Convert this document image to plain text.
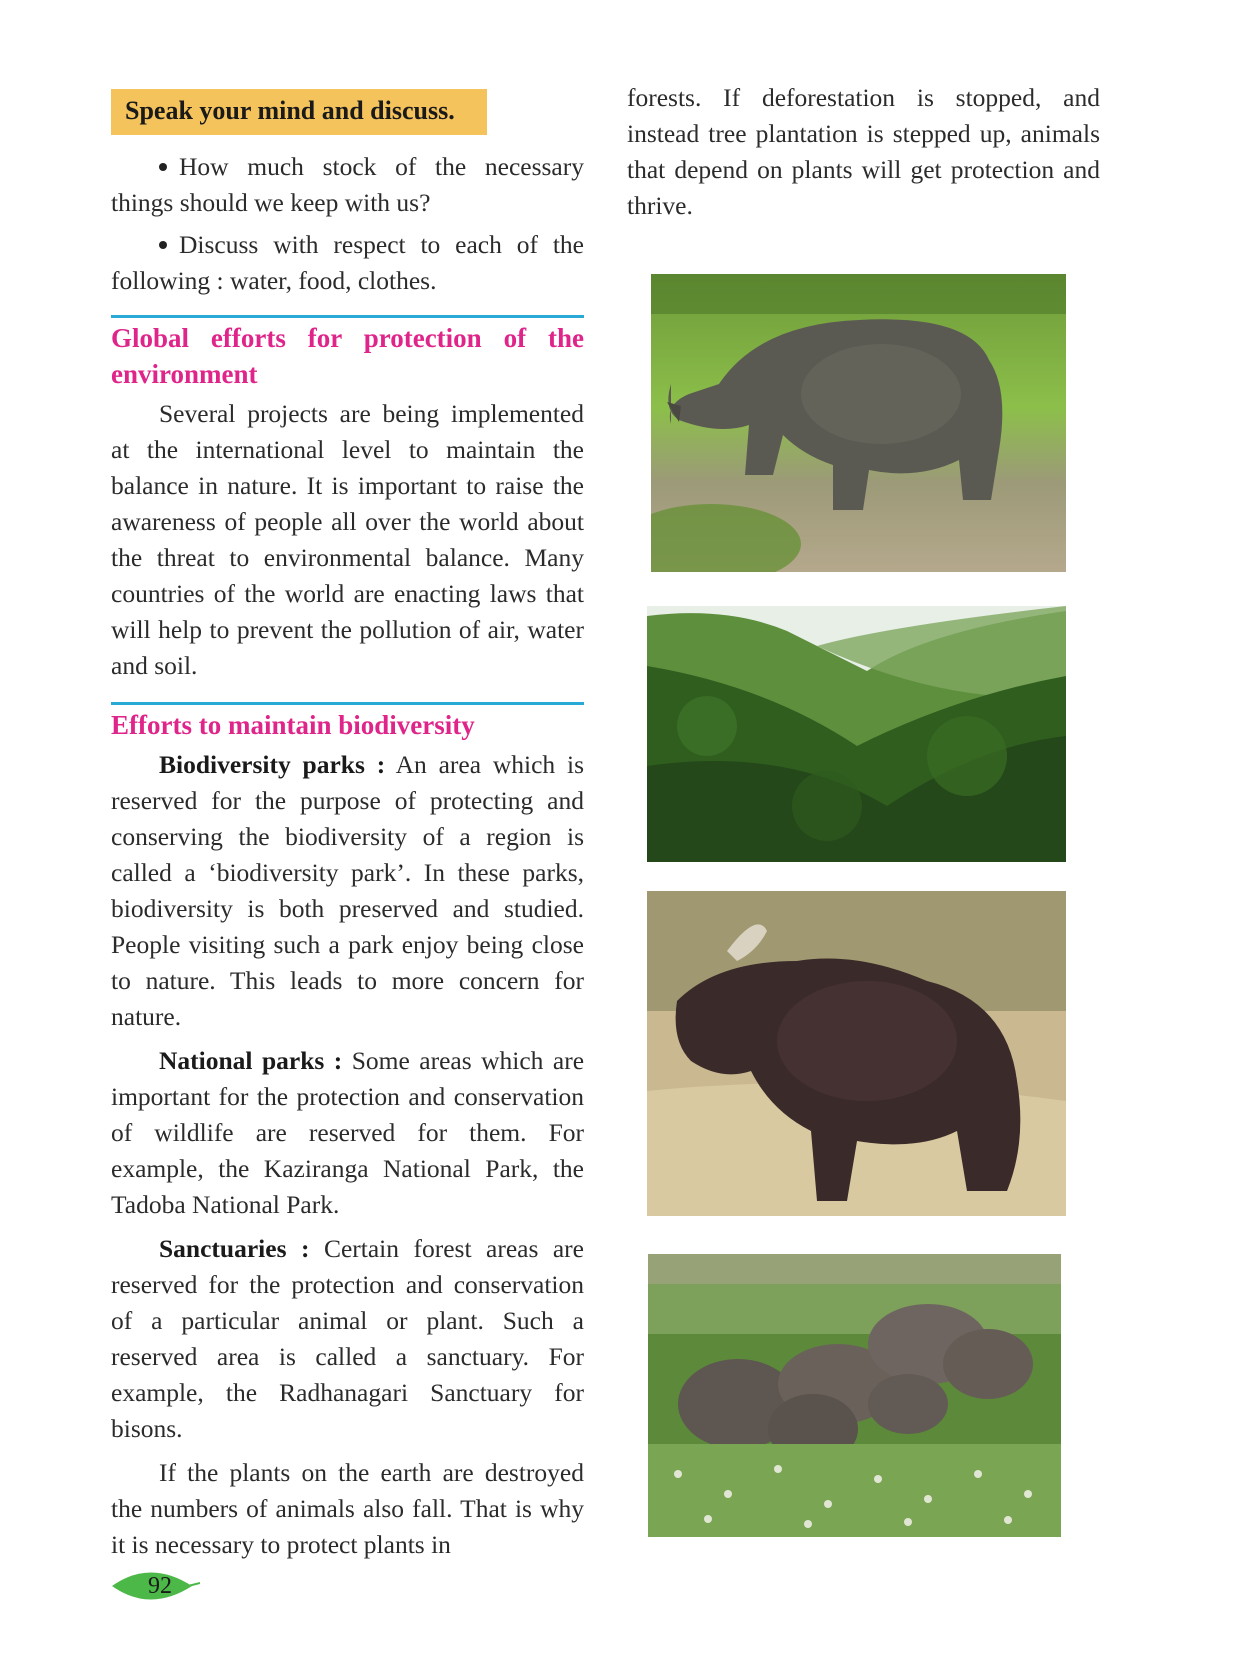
Speak your mind and discuss.

How much stock of the necessary things should we keep with us?

Discuss with respect to each of the following : water, food, clothes.

Global efforts for protection of the environment

Several projects are being implemented at the international level to maintain the balance in nature. It is important to raise the awareness of people all over the world about the threat to environmental balance. Many countries of the world are enacting laws that will help to prevent the pollution of air, water and soil.

Efforts to maintain biodiversity

Biodiversity parks : An area which is reserved for the purpose of protecting and conserving the biodiversity of a region is called a ‘biodiversity park’. In these parks, biodiversity is both preserved and studied. People visiting such a park enjoy being close to nature. This leads to more concern for nature.

National parks : Some areas which are important for the protection and conservation of wildlife are reserved for them. For example, the Kaziranga National Park, the Tadoba National Park.

Sanctuaries : Certain forest areas are reserved for the protection and conservation of a particular animal or plant. Such a reserved area is called a sanctuary. For example, the Radhanagari Sanctuary for bisons.

If the plants on the earth are destroyed the numbers of animals also fall. That is why it is necessary to protect plants in

forests. If deforestation is stopped, and instead tree plantation is stepped up, animals that depend on plants will get protection and thrive.

92
